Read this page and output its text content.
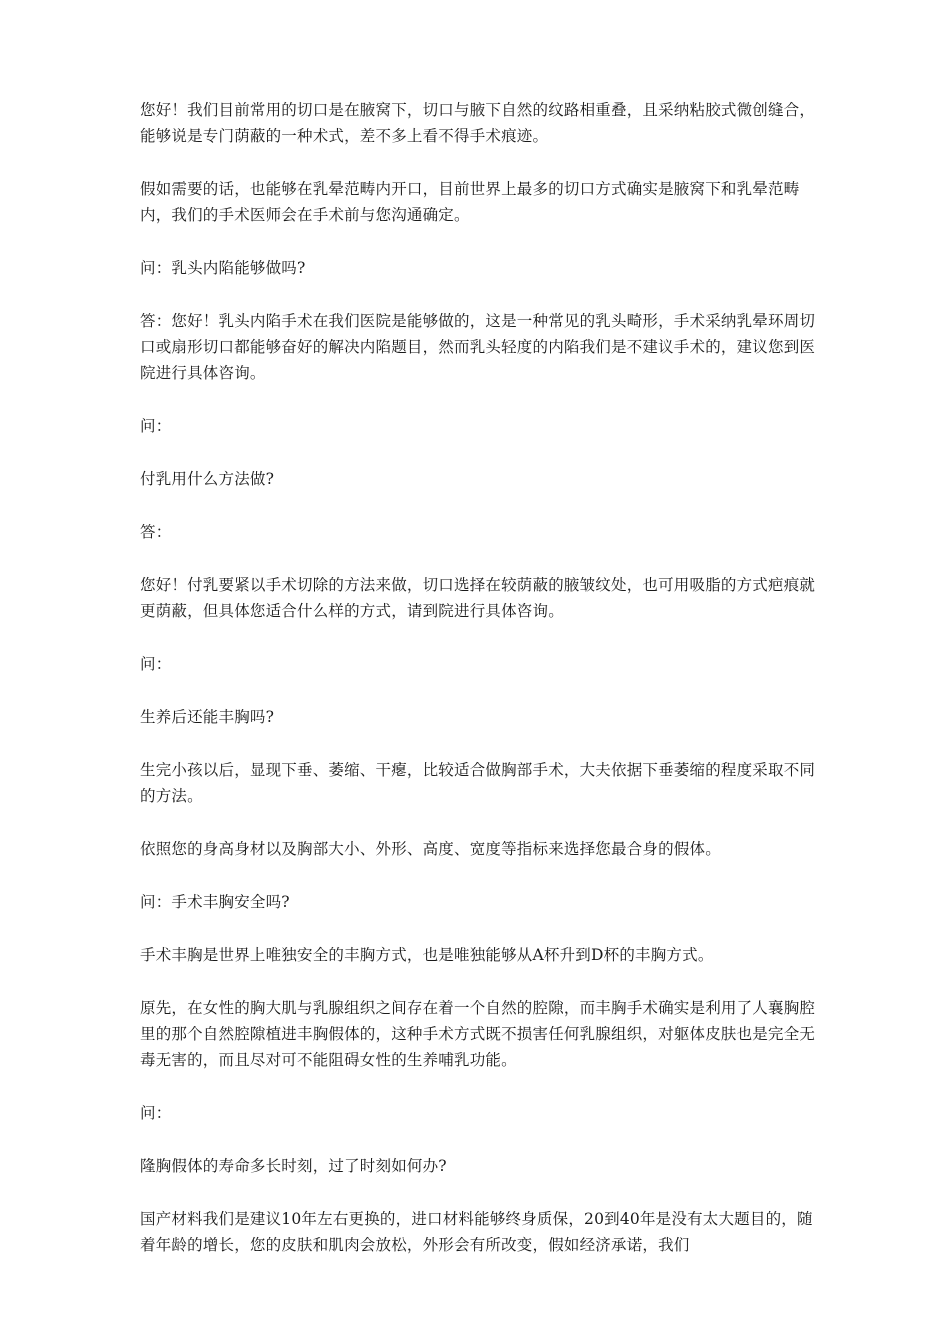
您好！我们目前常用的切口是在腋窝下，切口与腋下自然的纹路相重叠，且采纳粘胶式微创缝合，能够说是专门荫蔽的一种术式，差不多上看不得手术痕迹。

假如需要的话，也能够在乳晕范畴内开口，目前世界上最多的切口方式确实是腋窝下和乳晕范畴内，我们的手术医师会在手术前与您沟通确定。

问：乳头内陷能够做吗?

答：您好！乳头内陷手术在我们医院是能够做的，这是一种常见的乳头畸形，手术采纳乳晕环周切口或扇形切口都能够奋好的解决内陷题目，然而乳头轻度的内陷我们是不建议手术的，建议您到医院进行具体咨询。

问：

付乳用什么方法做?

答：

您好！付乳要紧以手术切除的方法来做，切口选择在较荫蔽的腋皱纹处，也可用吸脂的方式疤痕就更荫蔽，但具体您适合什么样的方式，请到院进行具体咨询。

问：

生养后还能丰胸吗?

生完小孩以后，显现下垂、萎缩、干瘪，比较适合做胸部手术，大夫依据下垂萎缩的程度采取不同的方法。

依照您的身高身材以及胸部大小、外形、高度、宽度等指标来选择您最合身的假体。

问：手术丰胸安全吗?

手术丰胸是世界上唯独安全的丰胸方式，也是唯独能够从A杯升到D杯的丰胸方式。

原先，在女性的胸大肌与乳腺组织之间存在着一个自然的腔隙，而丰胸手术确实是利用了人襄胸腔里的那个自然腔隙植进丰胸假体的，这种手术方式既不损害任何乳腺组织，对躯体皮肤也是完全无毒无害的，而且尽对可不能阻碍女性的生养哺乳功能。

问：

隆胸假体的寿命多长时刻，过了时刻如何办?

国产材料我们是建议10年左右更换的，进口材料能够终身质保，20到40年是没有太大题目的，随着年龄的增长，您的皮肤和肌肉会放松，外形会有所改变，假如经济承诺，我们
